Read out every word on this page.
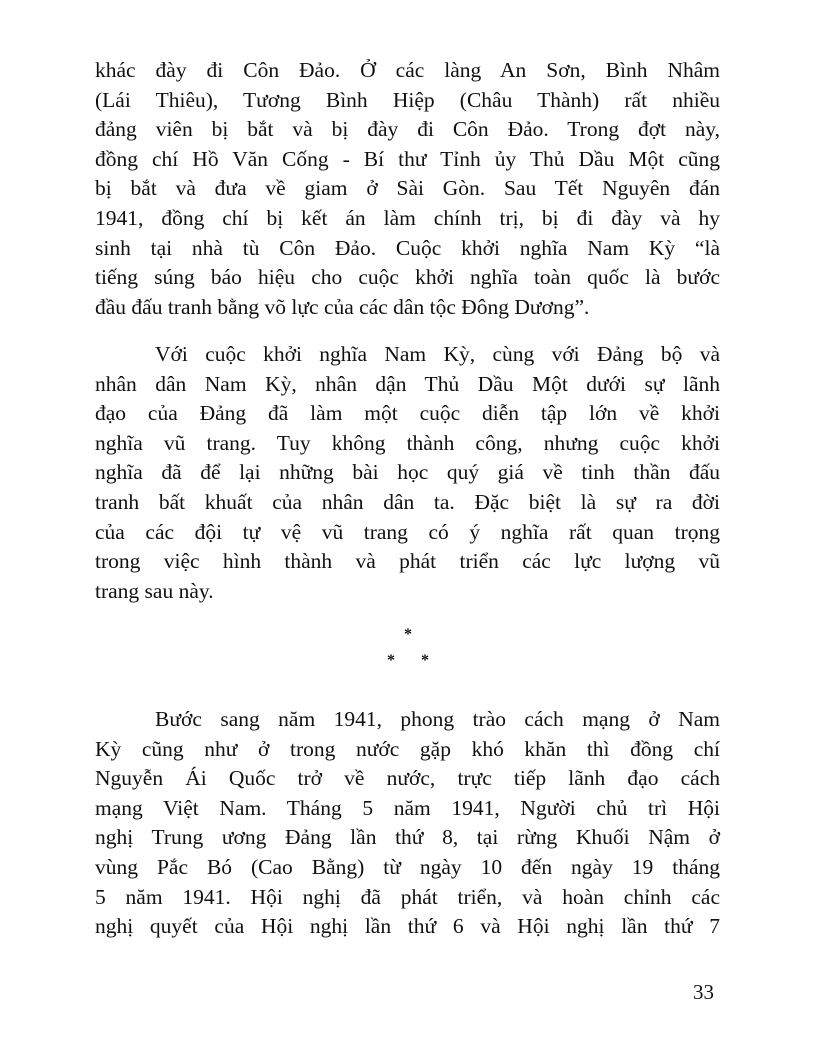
khác đày đi Côn Đảo. Ở các làng An Sơn, Bình Nhâm
(Lái Thiêu), Tương Bình Hiệp (Châu Thành) rất nhiều
đảng viên bị bắt và bị đày đi Côn Đảo. Trong đợt này,
đồng chí Hồ Văn Cống - Bí thư Tỉnh ủy Thủ Dầu Một cũng
bị bắt và đưa về giam ở Sài Gòn. Sau Tết Nguyên đán
1941, đồng chí bị kết án làm chính trị, bị đi đày và hy
sinh tại nhà tù Côn Đảo. Cuộc khởi nghĩa Nam Kỳ “là
tiếng súng báo hiệu cho cuộc khởi nghĩa toàn quốc là bước
đầu đấu tranh bằng võ lực của các dân tộc Đông Dương”.
Với cuộc khởi nghĩa Nam Kỳ, cùng với Đảng bộ và
nhân dân Nam Kỳ, nhân dận Thủ Dầu Một dưới sự lãnh
đạo của Đảng đã làm một cuộc diễn tập lớn về khởi
nghĩa vũ trang. Tuy không thành công, nhưng cuộc khởi
nghĩa đã để lại những bài học quý giá về tinh thần đấu
tranh bất khuất của nhân dân ta. Đặc biệt là sự ra đời
của các đội tự vệ vũ trang có ý nghĩa rất quan trọng
trong việc hình thành và phát triển các lực lượng vũ
trang sau này.
Bước sang năm 1941, phong trào cách mạng ở Nam
Kỳ cũng như ở trong nước gặp khó khăn thì đồng chí
Nguyễn Ái Quốc trở về nước, trực tiếp lãnh đạo cách
mạng Việt Nam. Tháng 5 năm 1941, Người chủ trì Hội
nghị Trung ương Đảng lần thứ 8, tại rừng Khuối Nậm ở
vùng Pắc Bó (Cao Bằng) từ ngày 10 đến ngày 19 tháng
5 năm 1941. Hội nghị đã phát triển, và hoàn chỉnh các
nghị quyết của Hội nghị lần thứ 6 và Hội nghị lần thứ 7
*
* *
33
